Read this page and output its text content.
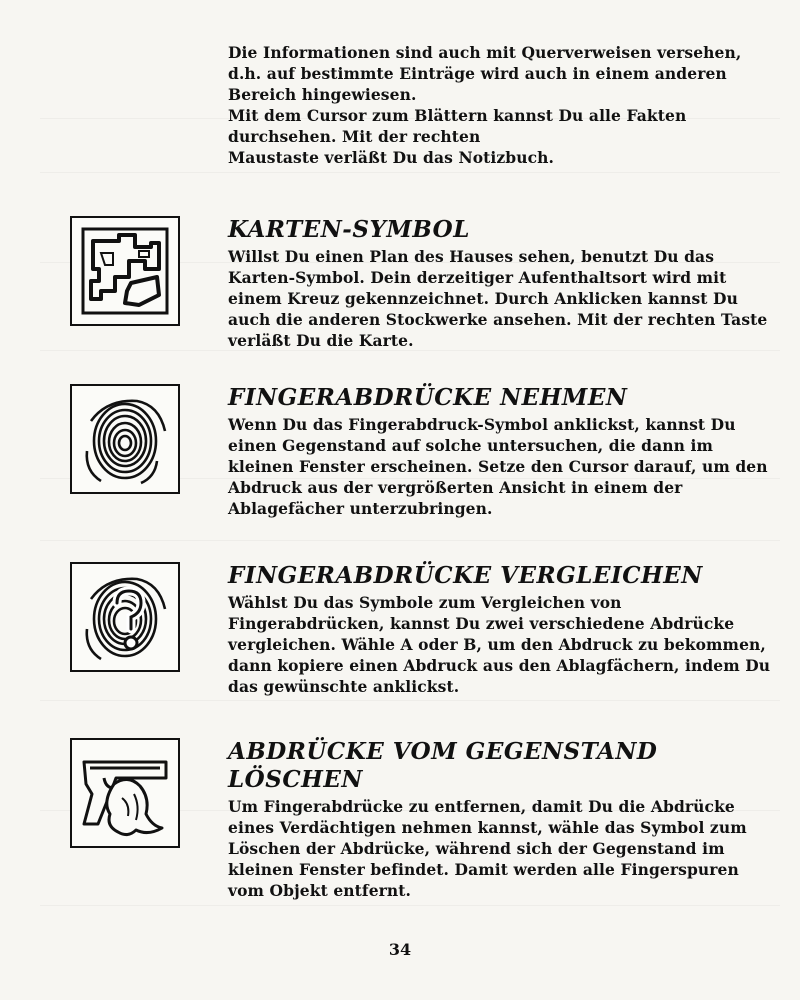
Die Informationen sind auch mit Querverweisen versehen,
d.h. auf bestimmte Einträge wird auch in einem anderen
Bereich hingewiesen.
Mit dem Cursor zum Blättern kannst Du alle Fakten
durchsehen. Mit der rechten
Maustaste verläßt Du das Notizbuch.

KARTEN-SYMBOL

Willst Du einen Plan des Hauses sehen, benutzt Du das
Karten-Symbol. Dein derzeitiger Aufenthaltsort wird mit
einem Kreuz gekennzeichnet. Durch Anklicken kannst Du
auch die anderen Stockwerke ansehen. Mit der rechten Taste
verläßt Du die Karte.

FINGERABDRÜCKE NEHMEN

Wenn Du das Fingerabdruck-Symbol anklickst, kannst Du
einen Gegenstand auf solche untersuchen, die dann im
kleinen Fenster erscheinen. Setze den Cursor darauf, um den
Abdruck aus der vergrößerten Ansicht in einem der
Ablagefächer unterzubringen.

FINGERABDRÜCKE VERGLEICHEN

Wählst Du das Symbole zum Vergleichen von
Fingerabdrücken, kannst Du zwei verschiedene Abdrücke
vergleichen. Wähle A oder B, um den Abdruck zu bekommen,
dann kopiere einen Abdruck aus den Ablagfächern, indem Du
das gewünschte anklickst.

ABDRÜCKE VOM GEGENSTAND
LÖSCHEN

Um Fingerabdrücke zu entfernen, damit Du die Abdrücke
eines Verdächtigen nehmen kannst, wähle das Symbol zum
Löschen der Abdrücke, während sich der Gegenstand im
kleinen Fenster befindet. Damit werden alle Fingerspuren
vom Objekt entfernt.

34
